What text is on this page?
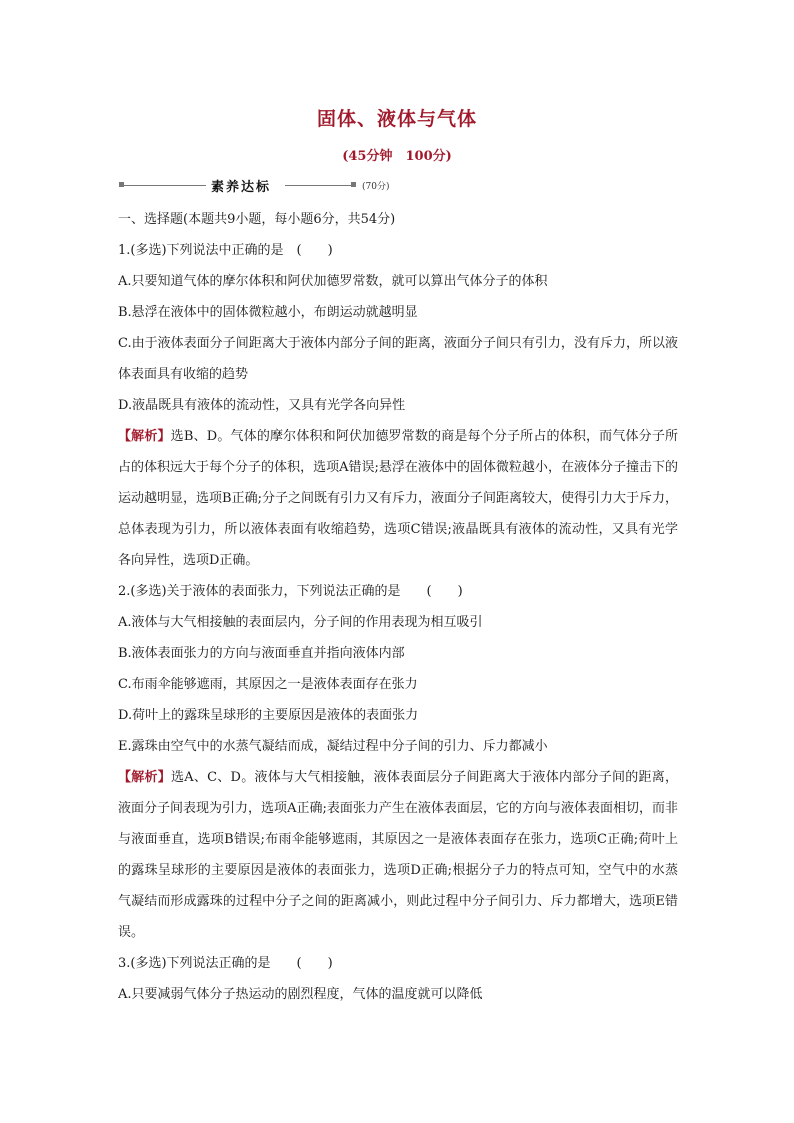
固体、液体与气体
(45分钟　100分)
素养达标	(70分)
一、选择题(本题共9小题，每小题6分，共54分)
1.(多选)下列说法中正确的是　(　　)
A.只要知道气体的摩尔体积和阿伏加德罗常数，就可以算出气体分子的体积
B.悬浮在液体中的固体微粒越小，布朗运动就越明显
C.由于液体表面分子间距离大于液体内部分子间的距离，液面分子间只有引力，没有斥力，所以液体表面具有收缩的趋势
D.液晶既具有液体的流动性，又具有光学各向异性
【解析】选B、D。气体的摩尔体积和阿伏加德罗常数的商是每个分子所占的体积，而气体分子所占的体积远大于每个分子的体积，选项A错误;悬浮在液体中的固体微粒越小，在液体分子撞击下的运动越明显，选项B正确;分子之间既有引力又有斥力，液面分子间距离较大，使得引力大于斥力，总体表现为引力，所以液体表面有收缩趋势，选项C错误;液晶既具有液体的流动性，又具有光学各向异性，选项D正确。
2.(多选)关于液体的表面张力，下列说法正确的是　　(　　)
A.液体与大气相接触的表面层内，分子间的作用表现为相互吸引
B.液体表面张力的方向与液面垂直并指向液体内部
C.布雨伞能够遮雨，其原因之一是液体表面存在张力
D.荷叶上的露珠呈球形的主要原因是液体的表面张力
E.露珠由空气中的水蒸气凝结而成，凝结过程中分子间的引力、斥力都减小
【解析】选A、C、D。液体与大气相接触，液体表面层分子间距离大于液体内部分子间的距离，液面分子间表现为引力，选项A正确;表面张力产生在液体表面层，它的方向与液体表面相切，而非与液面垂直，选项B错误;布雨伞能够遮雨，其原因之一是液体表面存在张力，选项C正确;荷叶上的露珠呈球形的主要原因是液体的表面张力，选项D正确;根据分子力的特点可知，空气中的水蒸气凝结而形成露珠的过程中分子之间的距离减小，则此过程中分子间引力、斥力都增大，选项E错误。
3.(多选)下列说法正确的是　　(　　)
A.只要减弱气体分子热运动的剧烈程度，气体的温度就可以降低
